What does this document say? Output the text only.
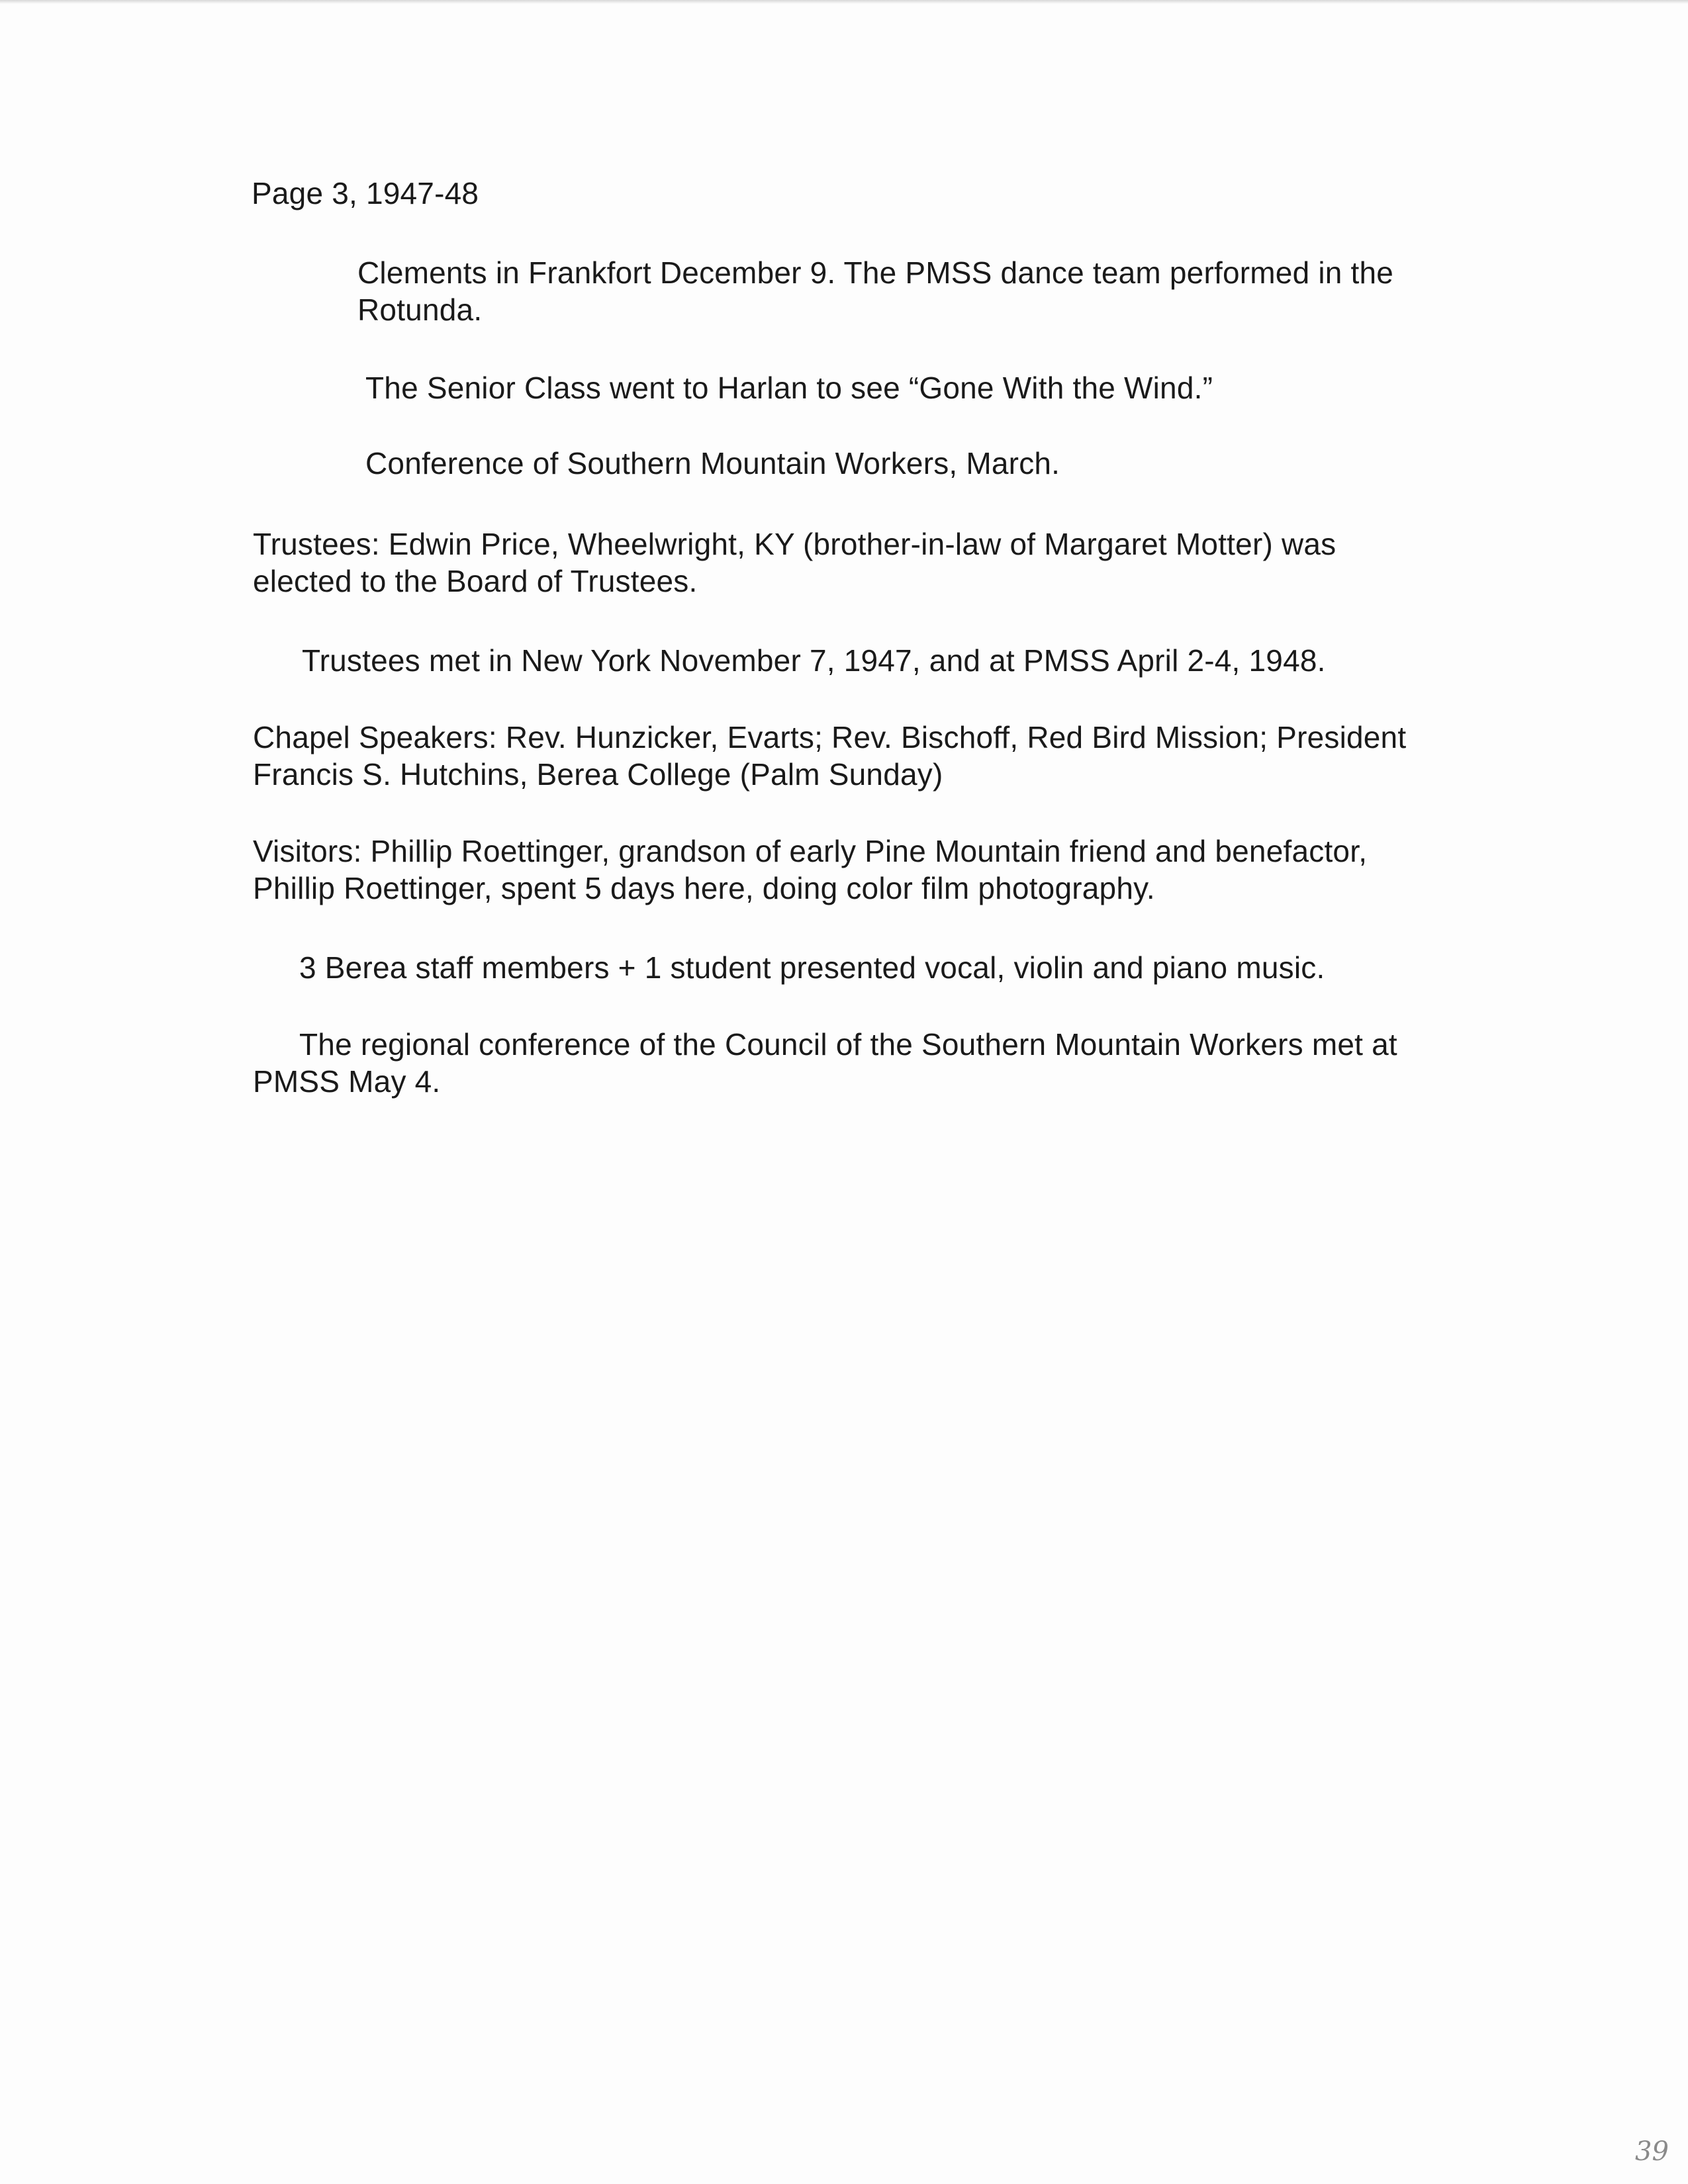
Page 3, 1947-48

Clements in Frankfort December 9. The PMSS dance team performed in the

Rotunda.

The Senior Class went to Harlan to see “Gone With the Wind.”

Conference of Southern Mountain Workers, March.

Trustees: Edwin Price, Wheelwright, KY (brother-in-law of Margaret Motter) was

elected to the Board of Trustees.

Trustees met in New York November 7, 1947, and at PMSS April 2-4, 1948.

Chapel Speakers: Rev. Hunzicker, Evarts; Rev. Bischoff, Red Bird Mission; President

Francis S. Hutchins, Berea College (Palm Sunday)

Visitors: Phillip Roettinger, grandson of early Pine Mountain friend and benefactor,

Phillip Roettinger, spent 5 days here, doing color film photography.

3 Berea staff members + 1 student presented vocal, violin and piano music.

The regional conference of the Council of the Southern Mountain Workers met at

PMSS May 4.

39
